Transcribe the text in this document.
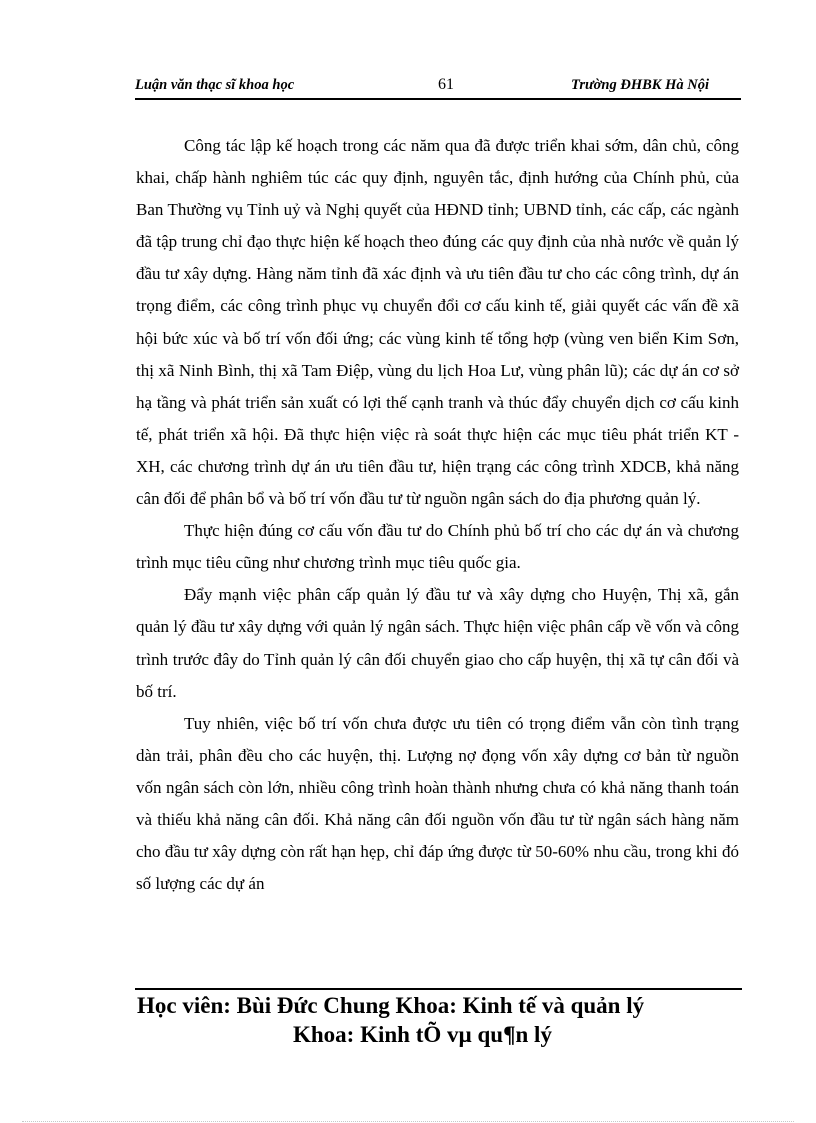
Luận văn thạc sĩ khoa học	61	Trường ĐHBK Hà Nội

Công tác lập kế hoạch trong các năm qua đã được triển khai sớm, dân chủ, công khai, chấp hành nghiêm túc các quy định, nguyên tắc, định hướng của Chính phủ, của Ban Thường vụ Tỉnh uỷ và Nghị quyết của HĐND tỉnh; UBND tỉnh, các cấp, các ngành đã tập trung chỉ đạo thực hiện kế hoạch theo đúng các quy định của nhà nước về quản lý đầu tư xây dựng. Hàng năm tỉnh đã xác định và ưu tiên đầu tư cho các công trình, dự án trọng điểm, các công trình phục vụ chuyển đổi cơ cấu kinh tế, giải quyết các vấn đề xã hội bức xúc và bố trí vốn đối ứng; các vùng kinh tế tổng hợp (vùng ven biển Kim Sơn, thị xã Ninh Bình, thị xã Tam Điệp, vùng du lịch Hoa Lư, vùng phân lũ); các dự án cơ sở hạ tầng và phát triển sản xuất có lợi thế cạnh tranh và thúc đẩy chuyển dịch cơ cấu kinh tế, phát triển xã hội. Đã thực hiện việc rà soát thực hiện các mục tiêu phát triển KT - XH, các chương trình dự án ưu tiên đầu tư, hiện trạng các công trình XDCB, khả năng cân đối để phân bổ và bố trí vốn đầu tư từ nguồn ngân sách do địa phương quản lý.

Thực hiện đúng cơ cấu vốn đầu tư do Chính phủ bố trí cho các dự án và chương trình mục tiêu cũng như chương trình mục tiêu quốc gia.

Đẩy mạnh việc phân cấp quản lý đầu tư và xây dựng cho Huyện, Thị xã, gắn quản lý đầu tư xây dựng với quản lý ngân sách. Thực hiện việc phân cấp về vốn và công trình trước đây do Tỉnh quản lý cân đối chuyển giao cho cấp huyện, thị xã tự cân đối và bố trí.

Tuy nhiên, việc bố trí vốn chưa được ưu tiên có trọng điểm vẫn còn tình trạng dàn trải, phân đều cho các huyện, thị. Lượng nợ đọng vốn xây dựng cơ bản từ nguồn vốn ngân sách còn lớn, nhiều công trình hoàn thành nhưng chưa có khả năng thanh toán và thiếu khả năng cân đối. Khả năng cân đối nguồn vốn đầu tư từ ngân sách hàng năm cho đầu tư xây dựng còn rất hạn hẹp, chỉ đáp ứng được từ 50-60% nhu cầu, trong khi đó số lượng các dự án

Học viên: Bùi Đức Chung Khoa: Kinh tế và quản lý
Khoa: Kinh tÕ vµ qu¶n lý
